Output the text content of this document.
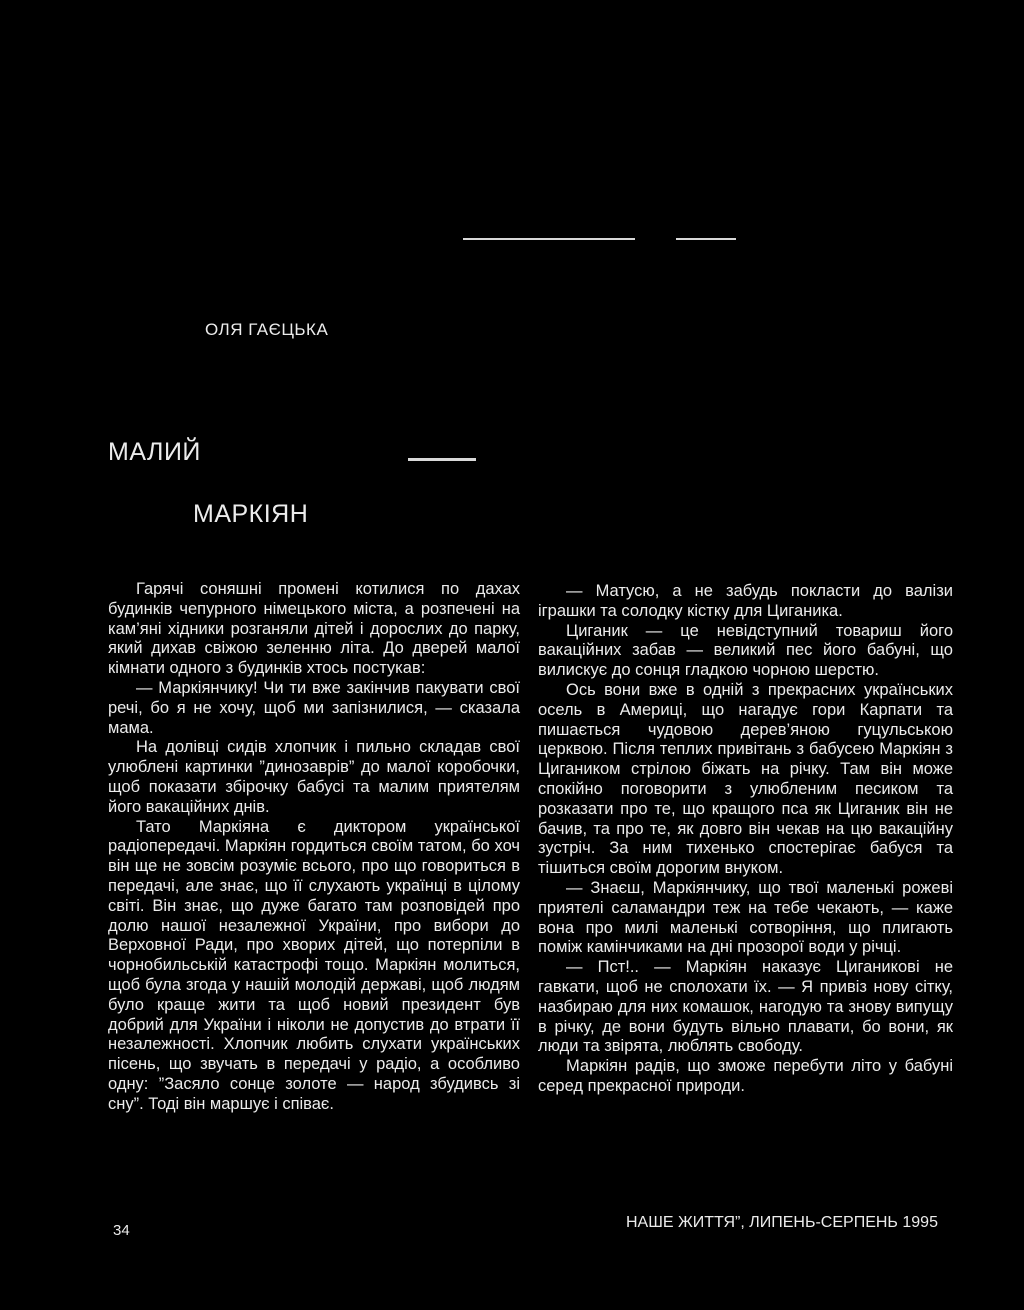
ОЛЯ ГАЄЦЬКА
МАЛИЙ
МАРКІЯН

Гарячі соняшні промені котилися по дахах будинків чепурного німецького міста, а розпечені на кам’яні хідники розганяли дітей і дорослих до парку, який дихав свіжою зеленню літа. До дверей малої кімнати одного з будинків хтось постукав:

— Маркіянчику! Чи ти вже закінчив пакувати свої речі, бо я не хочу, щоб ми запізнилися, — сказала мама.

На долівці сидів хлопчик і пильно складав свої улюблені картинки ”динозаврів” до малої коробочки, щоб показати збірочку бабусі та малим приятелям його вакаційних днів.

Тато Маркіяна є диктором української радіопередачі. Маркіян гордиться своїм татом, бо хоч він ще не зовсім розуміє всього, про що говориться в передачі, але знає, що її слухають українці в цілому світі. Він знає, що дуже багато там розповідей про долю нашої незалежної України, про вибори до Верховної Ради, про хворих дітей, що потерпіли в чорнобильській катастрофі тощо. Маркіян молиться, щоб була згода у нашій молодій державі, щоб людям було краще жити та щоб новий президент був добрий для України і ніколи не допустив до втрати її незалежності. Хлопчик любить слухати українських пісень, що звучать в передачі у радіо, а особливо одну: ”Засяло сонце золоте — народ збудивсь зі сну”. Тоді він маршує і співає.

— Матусю, а не забудь покласти до валізи іграшки та солодку кістку для Циганика.

Циганик — це невідступний товариш його вакаційних забав — великий пес його бабуні, що вилискує до сонця гладкою чорною шерстю.

Ось вони вже в одній з прекрасних українських осель в Америці, що нагадує гори Карпати та пишається чудовою дерев’яною гуцульською церквою. Після теплих привітань з бабусею Маркіян з Цигаником стрілою біжать на річку. Там він може спокійно поговорити з улюбленим песиком та розказати про те, що кращого пса як Циганик він не бачив, та про те, як довго він чекав на цю вакаційну зустріч. За ним тихенько спостерігає бабуся та тішиться своїм дорогим внуком.

— Знаєш, Маркіянчику, що твої маленькі рожеві приятелі саламандри теж на тебе чекають, — каже вона про милі маленькі сотворіння, що плигають поміж камінчиками на дні прозорої води у річці.

— Пст!.. — Маркіян наказує Циганикові не гавкати, щоб не сполохати їх. — Я привіз нову сітку, назбираю для них комашок, нагодую та знову випущу в річку, де вони будуть вільно плавати, бо вони, як люди та звірята, люблять свободу.

Маркіян радів, що зможе перебути літо у бабуні серед прекрасної природи.

34	НАШЕ ЖИТТЯ”, ЛИПЕНЬ-СЕРПЕНЬ 1995
